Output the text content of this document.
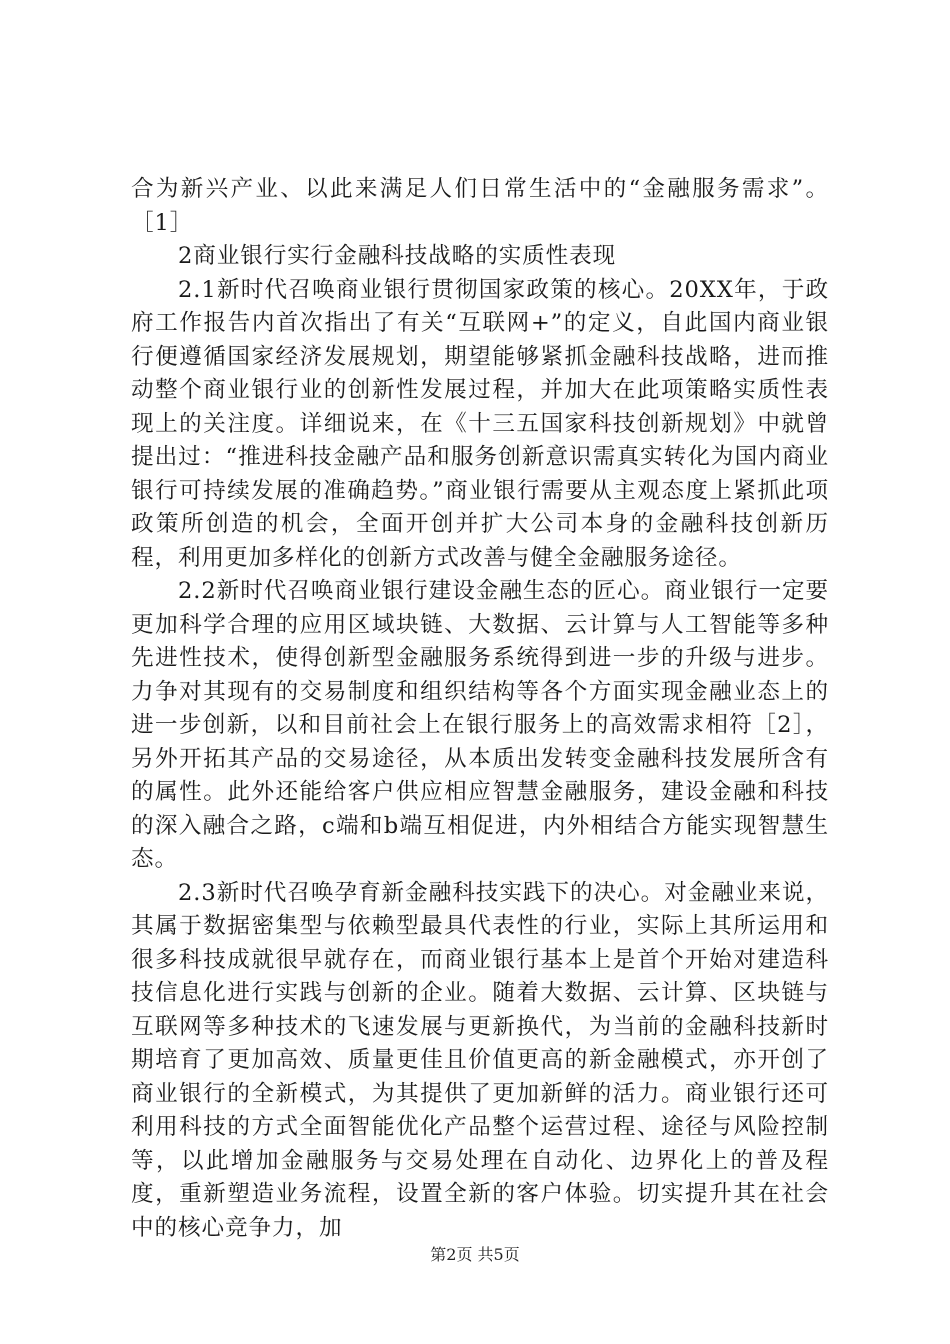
合为新兴产业、以此来满足人们日常生活中的“金融服务需求”。［1］

2商业银行实行金融科技战略的实质性表现

2.1新时代召唤商业银行贯彻国家政策的核心。20XX年，于政府工作报告内首次指出了有关“互联网+”的定义，自此国内商业银行便遵循国家经济发展规划，期望能够紧抓金融科技战略，进而推动整个商业银行业的创新性发展过程，并加大在此项策略实质性表现上的关注度。详细说来，在《十三五国家科技创新规划》中就曾提出过：“推进科技金融产品和服务创新意识需真实转化为国内商业银行可持续发展的准确趋势。”商业银行需要从主观态度上紧抓此项政策所创造的机会，全面开创并扩大公司本身的金融科技创新历程，利用更加多样化的创新方式改善与健全金融服务途径。

2.2新时代召唤商业银行建设金融生态的匠心。商业银行一定要更加科学合理的应用区域块链、大数据、云计算与人工智能等多种先进性技术，使得创新型金融服务系统得到进一步的升级与进步。力争对其现有的交易制度和组织结构等各个方面实现金融业态上的进一步创新，以和目前社会上在银行服务上的高效需求相符［2］，另外开拓其产品的交易途径，从本质出发转变金融科技发展所含有的属性。此外还能给客户供应相应智慧金融服务，建设金融和科技的深入融合之路，c端和b端互相促进，内外相结合方能实现智慧生态。

2.3新时代召唤孕育新金融科技实践下的决心。对金融业来说，其属于数据密集型与依赖型最具代表性的行业，实际上其所运用和很多科技成就很早就存在，而商业银行基本上是首个开始对建造科技信息化进行实践与创新的企业。随着大数据、云计算、区块链与互联网等多种技术的飞速发展与更新换代，为当前的金融科技新时期培育了更加高效、质量更佳且价值更高的新金融模式，亦开创了商业银行的全新模式，为其提供了更加新鲜的活力。商业银行还可利用科技的方式全面智能优化产品整个运营过程、途径与风险控制等，以此增加金融服务与交易处理在自动化、边界化上的普及程度，重新塑造业务流程，设置全新的客户体验。切实提升其在社会中的核心竞争力，加

第2页 共5页
